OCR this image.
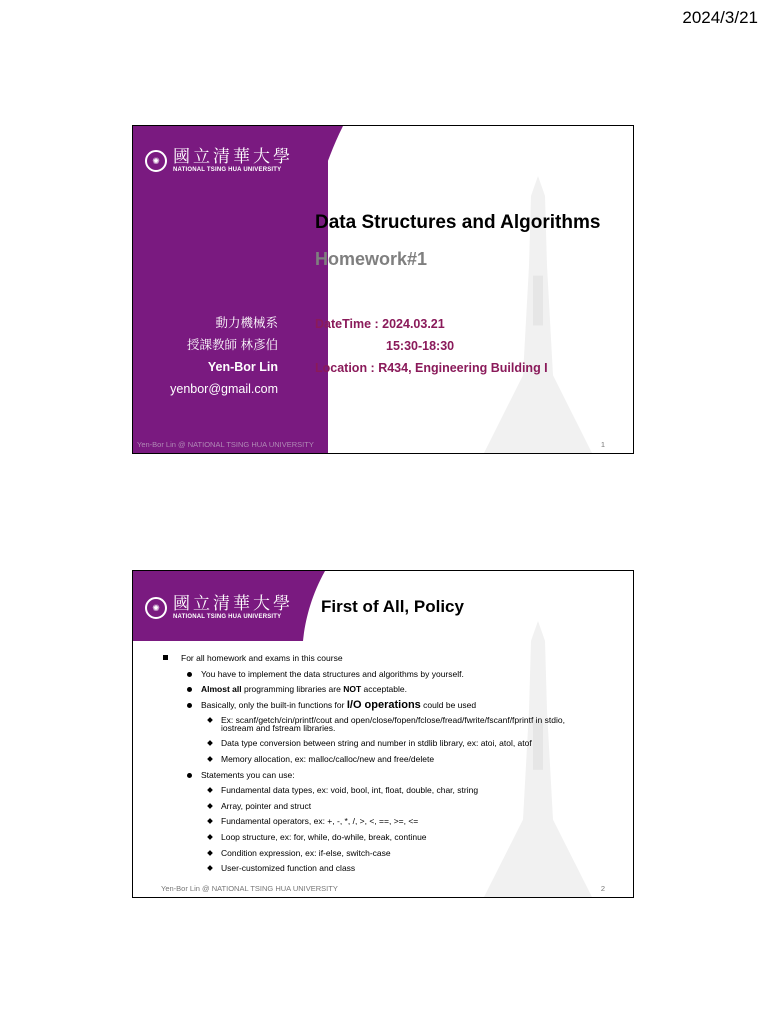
2024/3/21
✺ 國立清華大學
NATIONAL TSING HUA UNIVERSITY
動力機械系
授課教師 林彥伯
Yen-Bor Lin
yenbor@gmail.com
Data Structures and Algorithms
Homework#1
DateTime : 2024.03.21
15:30-18:30
Location : R434, Engineering Building I
Yen-Bor Lin @ NATIONAL TSING HUA UNIVERSITY	1
✺ 國立清華大學
NATIONAL TSING HUA UNIVERSITY
First of All, Policy
For all homework and exams in this course
You have to implement the data structures and algorithms by yourself.
Almost all programming libraries are NOT acceptable.
Basically, only the built-in functions for I/O operations could be used
Ex: scanf/getch/cin/printf/cout and open/close/fopen/fclose/fread/fwrite/fscanf/fprintf in stdio,
iostream and fstream libraries.
Data type conversion between string and number in stdlib library, ex: atoi, atol, atof
Memory allocation, ex: malloc/calloc/new and free/delete
Statements you can use:
Fundamental data types, ex: void, bool, int, float, double, char, string
Array, pointer and struct
Fundamental operators, ex: +, -, *, /, >, <, ==, >=, <=
Loop structure, ex: for, while, do-while, break, continue
Condition expression, ex: if-else, switch-case
User-customized function and class
Yen-Bor Lin @ NATIONAL TSING HUA UNIVERSITY	2
